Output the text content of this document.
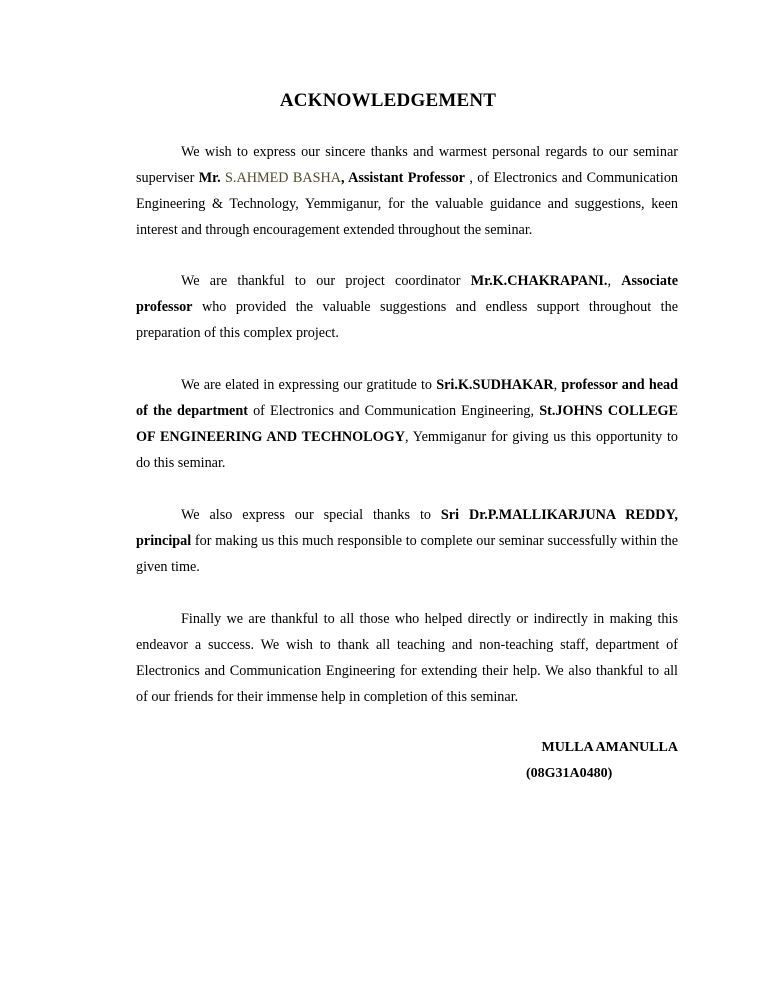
ACKNOWLEDGEMENT

We wish to express our sincere thanks and warmest personal regards to our seminar superviser Mr. S.AHMED BASHA, Assistant Professor , of Electronics and Communication Engineering & Technology, Yemmiganur, for the valuable guidance and suggestions, keen interest and through encouragement extended throughout the seminar.

We are thankful to our project coordinator Mr.K.CHAKRAPANI., Associate professor who provided the valuable suggestions and endless support throughout the preparation of this complex project.

We are elated in expressing our gratitude to Sri.K.SUDHAKAR, professor and head of the department of Electronics and Communication Engineering, St.JOHNS COLLEGE OF ENGINEERING AND TECHNOLOGY, Yemmiganur for giving us this opportunity to do this seminar.

We also express our special thanks to Sri Dr.P.MALLIKARJUNA REDDY, principal for making us this much responsible to complete our seminar successfully within the given time.

Finally we are thankful to all those who helped directly or indirectly in making this endeavor a success. We wish to thank all teaching and non-teaching staff, department of Electronics and Communication Engineering for extending their help. We also thankful to all of our friends for their immense help in completion of this seminar.

MULLA AMANULLA
(08G31A0480)
